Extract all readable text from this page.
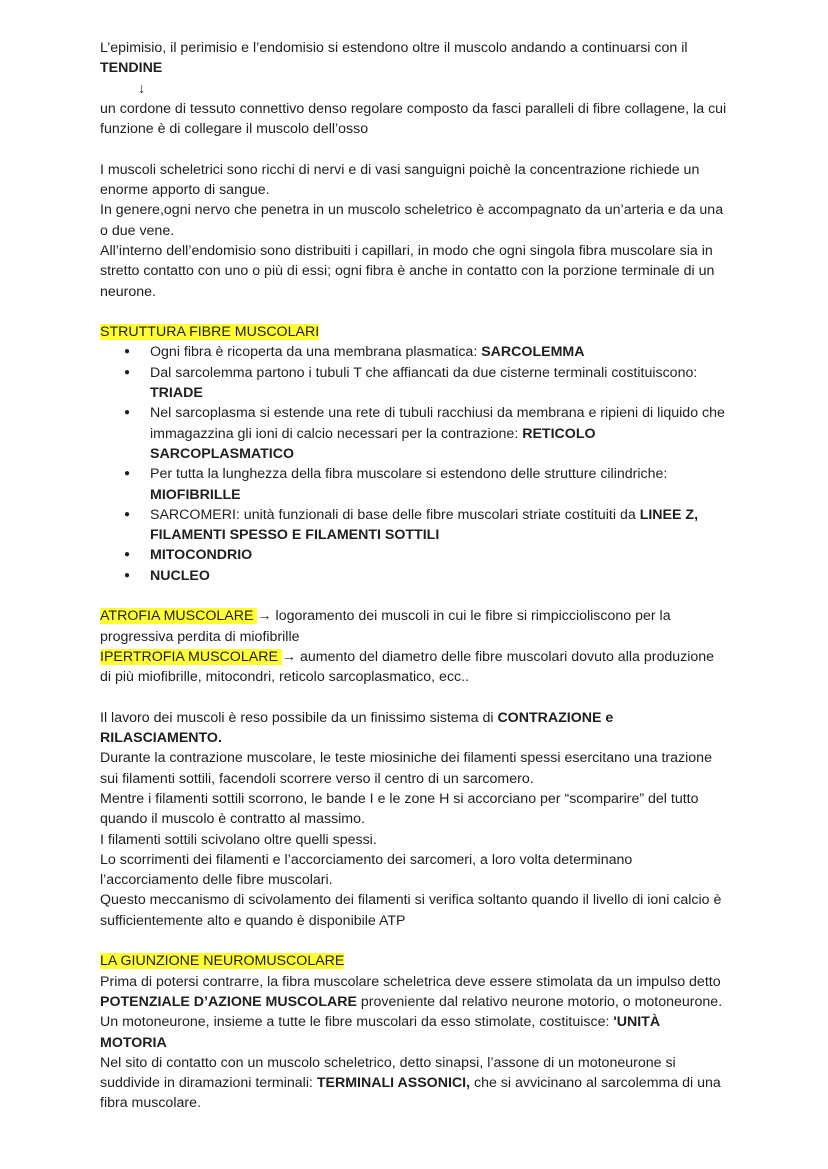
L’epimisio, il perimisio e l’endomisio si estendono oltre il muscolo andando a continuarsi con il TENDINE

↓

un cordone di tessuto connettivo denso regolare composto da fasci paralleli di fibre collagene, la cui funzione è di collegare il muscolo dell’osso

I muscoli scheletrici sono ricchi di nervi e di vasi sanguigni poichè la concentrazione richiede un enorme apporto di sangue.

In genere,ogni nervo che penetra in un muscolo scheletrico è accompagnato da un’arteria e da una o due vene.

All’interno dell’endomisio sono distribuiti i capillari, in modo che ogni singola fibra muscolare sia in stretto contatto con uno o più di essi; ogni fibra è anche in contatto con la porzione terminale di un neurone.

STRUTTURA FIBRE MUSCOLARI

● Ogni fibra è ricoperta da una membrana plasmatica: SARCOLEMMA
● Dal sarcolemma partono i tubuli T che affiancati da due cisterne terminali costituiscono: TRIADE
● Nel sarcoplasma si estende una rete di tubuli racchiusi da membrana e ripieni di liquido che immagazzina gli ioni di calcio necessari per la contrazione: RETICOLO SARCOPLASMATICO
● Per tutta la lunghezza della fibra muscolare si estendono delle strutture cilindriche: MIOFIBRILLE
● SARCOMERI: unità funzionali di base delle fibre muscolari striate costituiti da LINEE Z, FILAMENTI SPESSO E FILAMENTI SOTTILI
● MITOCONDRIO
● NUCLEO

ATROFIA MUSCOLARE → logoramento dei muscoli in cui le fibre si rimpiccioliscono per la progressiva perdita di miofibrille

IPERTROFIA MUSCOLARE → aumento del diametro delle fibre muscolari dovuto alla produzione di più miofibrille, mitocondri, reticolo sarcoplasmatico, ecc..

Il lavoro dei muscoli è reso possibile da un finissimo sistema di CONTRAZIONE e RILASCIAMENTO.

Durante la contrazione muscolare, le teste miosiniche dei filamenti spessi esercitano una trazione sui filamenti sottili, facendoli scorrere verso il centro di un sarcomero.

Mentre i filamenti sottili scorrono, le bande I e le zone H si accorciano per “scomparire” del tutto quando il muscolo è contratto al massimo.

I filamenti sottili scivolano oltre quelli spessi.

Lo scorrimenti dei filamenti e l’accorciamento dei sarcomeri, a loro volta determinano l’accorciamento delle fibre muscolari.

Questo meccanismo di scivolamento dei filamenti si verifica soltanto quando il livello di ioni calcio è sufficientemente alto e quando è disponibile ATP

LA GIUNZIONE NEUROMUSCOLARE

Prima di potersi contrarre, la fibra muscolare scheletrica deve essere stimolata da un impulso detto POTENZIALE D’AZIONE MUSCOLARE proveniente dal relativo neurone motorio, o motoneurone.

Un motoneurone, insieme a tutte le fibre muscolari da esso stimolate, costituisce: 'UNITÀ MOTORIA

Nel sito di contatto con un muscolo scheletrico, detto sinapsi, l’assone di un motoneurone si suddivide in diramazioni terminali: TERMINALI ASSONICI, che si avvicinano al sarcolemma di una fibra muscolare.
